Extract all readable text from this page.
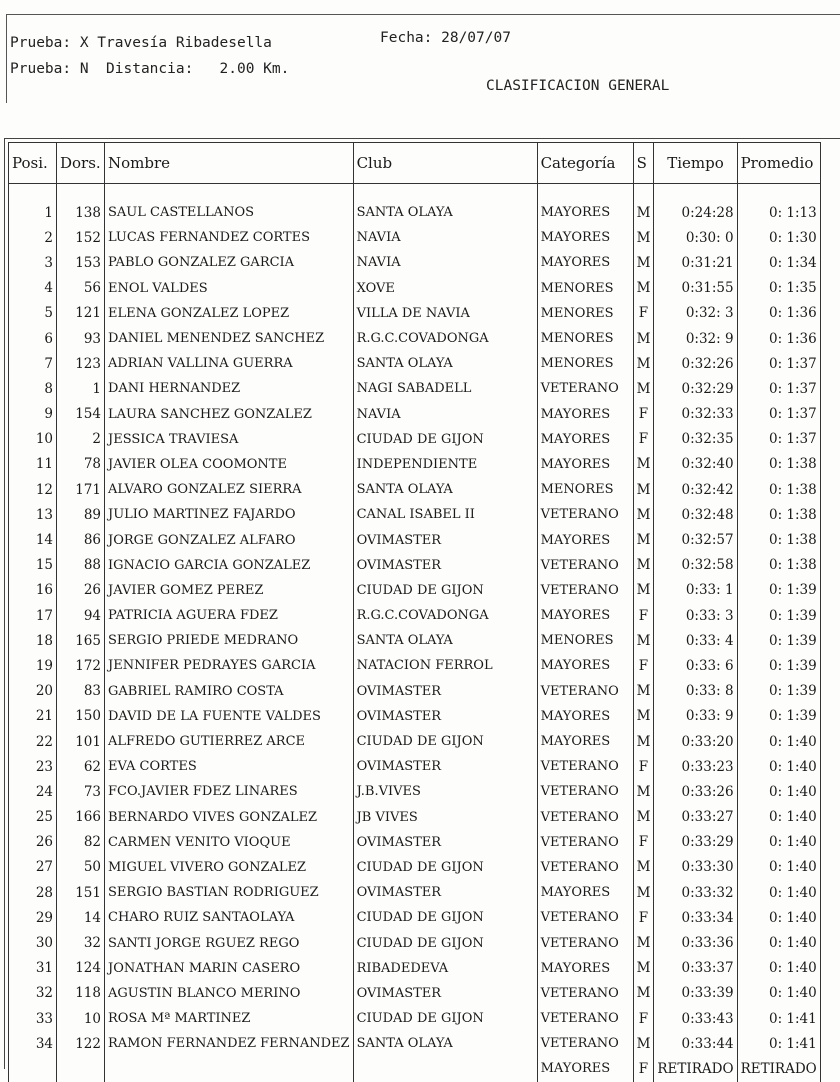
Prueba: X Travesía Ribadesella	Fecha: 28/07/07
Prueba: N  Distancia:   2.00 Km.
CLASIFICACION GENERAL
Posi.	Dors.	Nombre	Club	Categoría	S	Tiempo	Promedio

1	138	SAUL CASTELLANOS	SANTA OLAYA	MAYORES	M	0:24:28	0: 1:13
2	152	LUCAS FERNANDEZ CORTES	NAVIA	MAYORES	M	0:30: 0	0: 1:30
3	153	PABLO GONZALEZ GARCIA	NAVIA	MAYORES	M	0:31:21	0: 1:34
4	56	ENOL VALDES	XOVE	MENORES	M	0:31:55	0: 1:35
5	121	ELENA GONZALEZ LOPEZ	VILLA DE NAVIA	MENORES	F	0:32: 3	0: 1:36
6	93	DANIEL MENENDEZ SANCHEZ	R.G.C.COVADONGA	MENORES	M	0:32: 9	0: 1:36
7	123	ADRIAN VALLINA GUERRA	SANTA OLAYA	MENORES	M	0:32:26	0: 1:37
8	1	DANI HERNANDEZ	NAGI SABADELL	VETERANO	M	0:32:29	0: 1:37
9	154	LAURA SANCHEZ GONZALEZ	NAVIA	MAYORES	F	0:32:33	0: 1:37
10	2	JESSICA TRAVIESA	CIUDAD DE GIJON	MAYORES	F	0:32:35	0: 1:37
11	78	JAVIER OLEA COOMONTE	INDEPENDIENTE	MAYORES	M	0:32:40	0: 1:38
12	171	ALVARO GONZALEZ SIERRA	SANTA OLAYA	MENORES	M	0:32:42	0: 1:38
13	89	JULIO MARTINEZ FAJARDO	CANAL ISABEL II	VETERANO	M	0:32:48	0: 1:38
14	86	JORGE GONZALEZ ALFARO	OVIMASTER	MAYORES	M	0:32:57	0: 1:38
15	88	IGNACIO GARCIA GONZALEZ	OVIMASTER	VETERANO	M	0:32:58	0: 1:38
16	26	JAVIER GOMEZ PEREZ	CIUDAD DE GIJON	VETERANO	M	0:33: 1	0: 1:39
17	94	PATRICIA AGUERA FDEZ	R.G.C.COVADONGA	MAYORES	F	0:33: 3	0: 1:39
18	165	SERGIO PRIEDE MEDRANO	SANTA OLAYA	MENORES	M	0:33: 4	0: 1:39
19	172	JENNIFER PEDRAYES GARCIA	NATACION FERROL	MAYORES	F	0:33: 6	0: 1:39
20	83	GABRIEL RAMIRO COSTA	OVIMASTER	VETERANO	M	0:33: 8	0: 1:39
21	150	DAVID DE LA FUENTE VALDES	OVIMASTER	MAYORES	M	0:33: 9	0: 1:39
22	101	ALFREDO GUTIERREZ ARCE	CIUDAD DE GIJON	MAYORES	M	0:33:20	0: 1:40
23	62	EVA CORTES	OVIMASTER	VETERANO	F	0:33:23	0: 1:40
24	73	FCO.JAVIER FDEZ LINARES	J.B.VIVES	VETERANO	M	0:33:26	0: 1:40
25	166	BERNARDO VIVES GONZALEZ	JB VIVES	VETERANO	M	0:33:27	0: 1:40
26	82	CARMEN VENITO VIOQUE	OVIMASTER	VETERANO	F	0:33:29	0: 1:40
27	50	MIGUEL VIVERO GONZALEZ	CIUDAD DE GIJON	VETERANO	M	0:33:30	0: 1:40
28	151	SERGIO BASTIAN RODRIGUEZ	OVIMASTER	MAYORES	M	0:33:32	0: 1:40
29	14	CHARO RUIZ SANTAOLAYA	CIUDAD DE GIJON	VETERANO	F	0:33:34	0: 1:40
30	32	SANTI JORGE RGUEZ REGO	CIUDAD DE GIJON	VETERANO	M	0:33:36	0: 1:40
31	124	JONATHAN MARIN CASERO	RIBADEDEVA	MAYORES	M	0:33:37	0: 1:40
32	118	AGUSTIN BLANCO MERINO	OVIMASTER	VETERANO	M	0:33:39	0: 1:40
33	10	ROSA Mª MARTINEZ	CIUDAD DE GIJON	VETERANO	F	0:33:43	0: 1:41
34	122	RAMON FERNANDEZ FERNANDEZ	SANTA OLAYA	VETERANO	M	0:33:44	0: 1:41
				MAYORES	F	RETIRADO	RETIRADO
